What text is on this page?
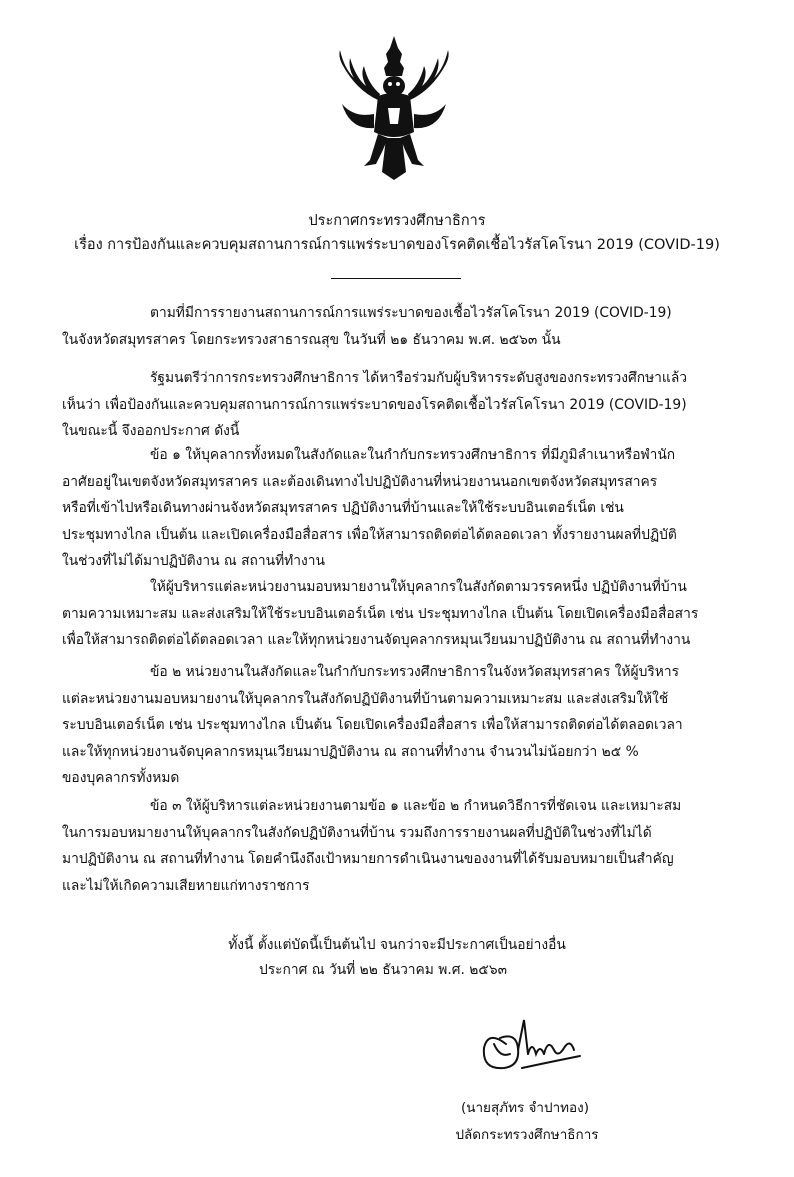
ประกาศกระทรวงศึกษาธิการ
เรื่อง การป้องกันและควบคุมสถานการณ์การแพร่ระบาดของโรคติดเชื้อไวรัสโคโรนา 2019 (COVID-19)
ตามที่มีการรายงานสถานการณ์การแพร่ระบาดของเชื้อไวรัสโคโรนา 2019 (COVID-19)
ในจังหวัดสมุทรสาคร โดยกระทรวงสาธารณสุข ในวันที่ ๒๑ ธันวาคม พ.ศ. ๒๕๖๓ นั้น
รัฐมนตรีว่าการกระทรวงศึกษาธิการ ได้หารือร่วมกับผู้บริหารระดับสูงของกระทรวงศึกษาแล้ว
เห็นว่า เพื่อป้องกันและควบคุมสถานการณ์การแพร่ระบาดของโรคติดเชื้อไวรัสโคโรนา 2019 (COVID-19)
ในขณะนี้ จึงออกประกาศ ดังนี้
ข้อ ๑ ให้บุคลากรทั้งหมดในสังกัดและในกำกับกระทรวงศึกษาธิการ ที่มีภูมิลำเนาหรือพำนัก
อาศัยอยู่ในเขตจังหวัดสมุทรสาคร และต้องเดินทางไปปฏิบัติงานที่หน่วยงานนอกเขตจังหวัดสมุทรสาคร
หรือที่เข้าไปหรือเดินทางผ่านจังหวัดสมุทรสาคร ปฏิบัติงานที่บ้านและให้ใช้ระบบอินเตอร์เน็ต เช่น
ประชุมทางไกล เป็นต้น และเปิดเครื่องมือสื่อสาร เพื่อให้สามารถติดต่อได้ตลอดเวลา ทั้งรายงานผลที่ปฏิบัติ
ในช่วงที่ไม่ได้มาปฏิบัติงาน ณ สถานที่ทำงาน
ให้ผู้บริหารแต่ละหน่วยงานมอบหมายงานให้บุคลากรในสังกัดตามวรรคหนึ่ง ปฏิบัติงานที่บ้าน
ตามความเหมาะสม และส่งเสริมให้ใช้ระบบอินเตอร์เน็ต เช่น ประชุมทางไกล เป็นต้น โดยเปิดเครื่องมือสื่อสาร
เพื่อให้สามารถติดต่อได้ตลอดเวลา และให้ทุกหน่วยงานจัดบุคลากรหมุนเวียนมาปฏิบัติงาน ณ สถานที่ทำงาน
ข้อ ๒ หน่วยงานในสังกัดและในกำกับกระทรวงศึกษาธิการในจังหวัดสมุทรสาคร ให้ผู้บริหาร
แต่ละหน่วยงานมอบหมายงานให้บุคลากรในสังกัดปฏิบัติงานที่บ้านตามความเหมาะสม และส่งเสริมให้ใช้
ระบบอินเตอร์เน็ต เช่น ประชุมทางไกล เป็นต้น โดยเปิดเครื่องมือสื่อสาร เพื่อให้สามารถติดต่อได้ตลอดเวลา
และให้ทุกหน่วยงานจัดบุคลากรหมุนเวียนมาปฏิบัติงาน ณ สถานที่ทำงาน จำนวนไม่น้อยกว่า ๒๕ %
ของบุคลากรทั้งหมด
ข้อ ๓ ให้ผู้บริหารแต่ละหน่วยงานตามข้อ ๑ และข้อ ๒ กำหนดวิธีการที่ชัดเจน และเหมาะสม
ในการมอบหมายงานให้บุคลากรในสังกัดปฏิบัติงานที่บ้าน รวมถึงการรายงานผลที่ปฏิบัติในช่วงที่ไม่ได้
มาปฏิบัติงาน ณ สถานที่ทำงาน โดยคำนึงถึงเป้าหมายการดำเนินงานของงานที่ได้รับมอบหมายเป็นสำคัญ
และไม่ให้เกิดความเสียหายแก่ทางราชการ
ทั้งนี้ ตั้งแต่บัดนี้เป็นต้นไป จนกว่าจะมีประกาศเป็นอย่างอื่น
ประกาศ ณ วันที่ ๒๒ ธันวาคม พ.ศ. ๒๕๖๓
(นายสุภัทร จำปาทอง)
ปลัดกระทรวงศึกษาธิการ
